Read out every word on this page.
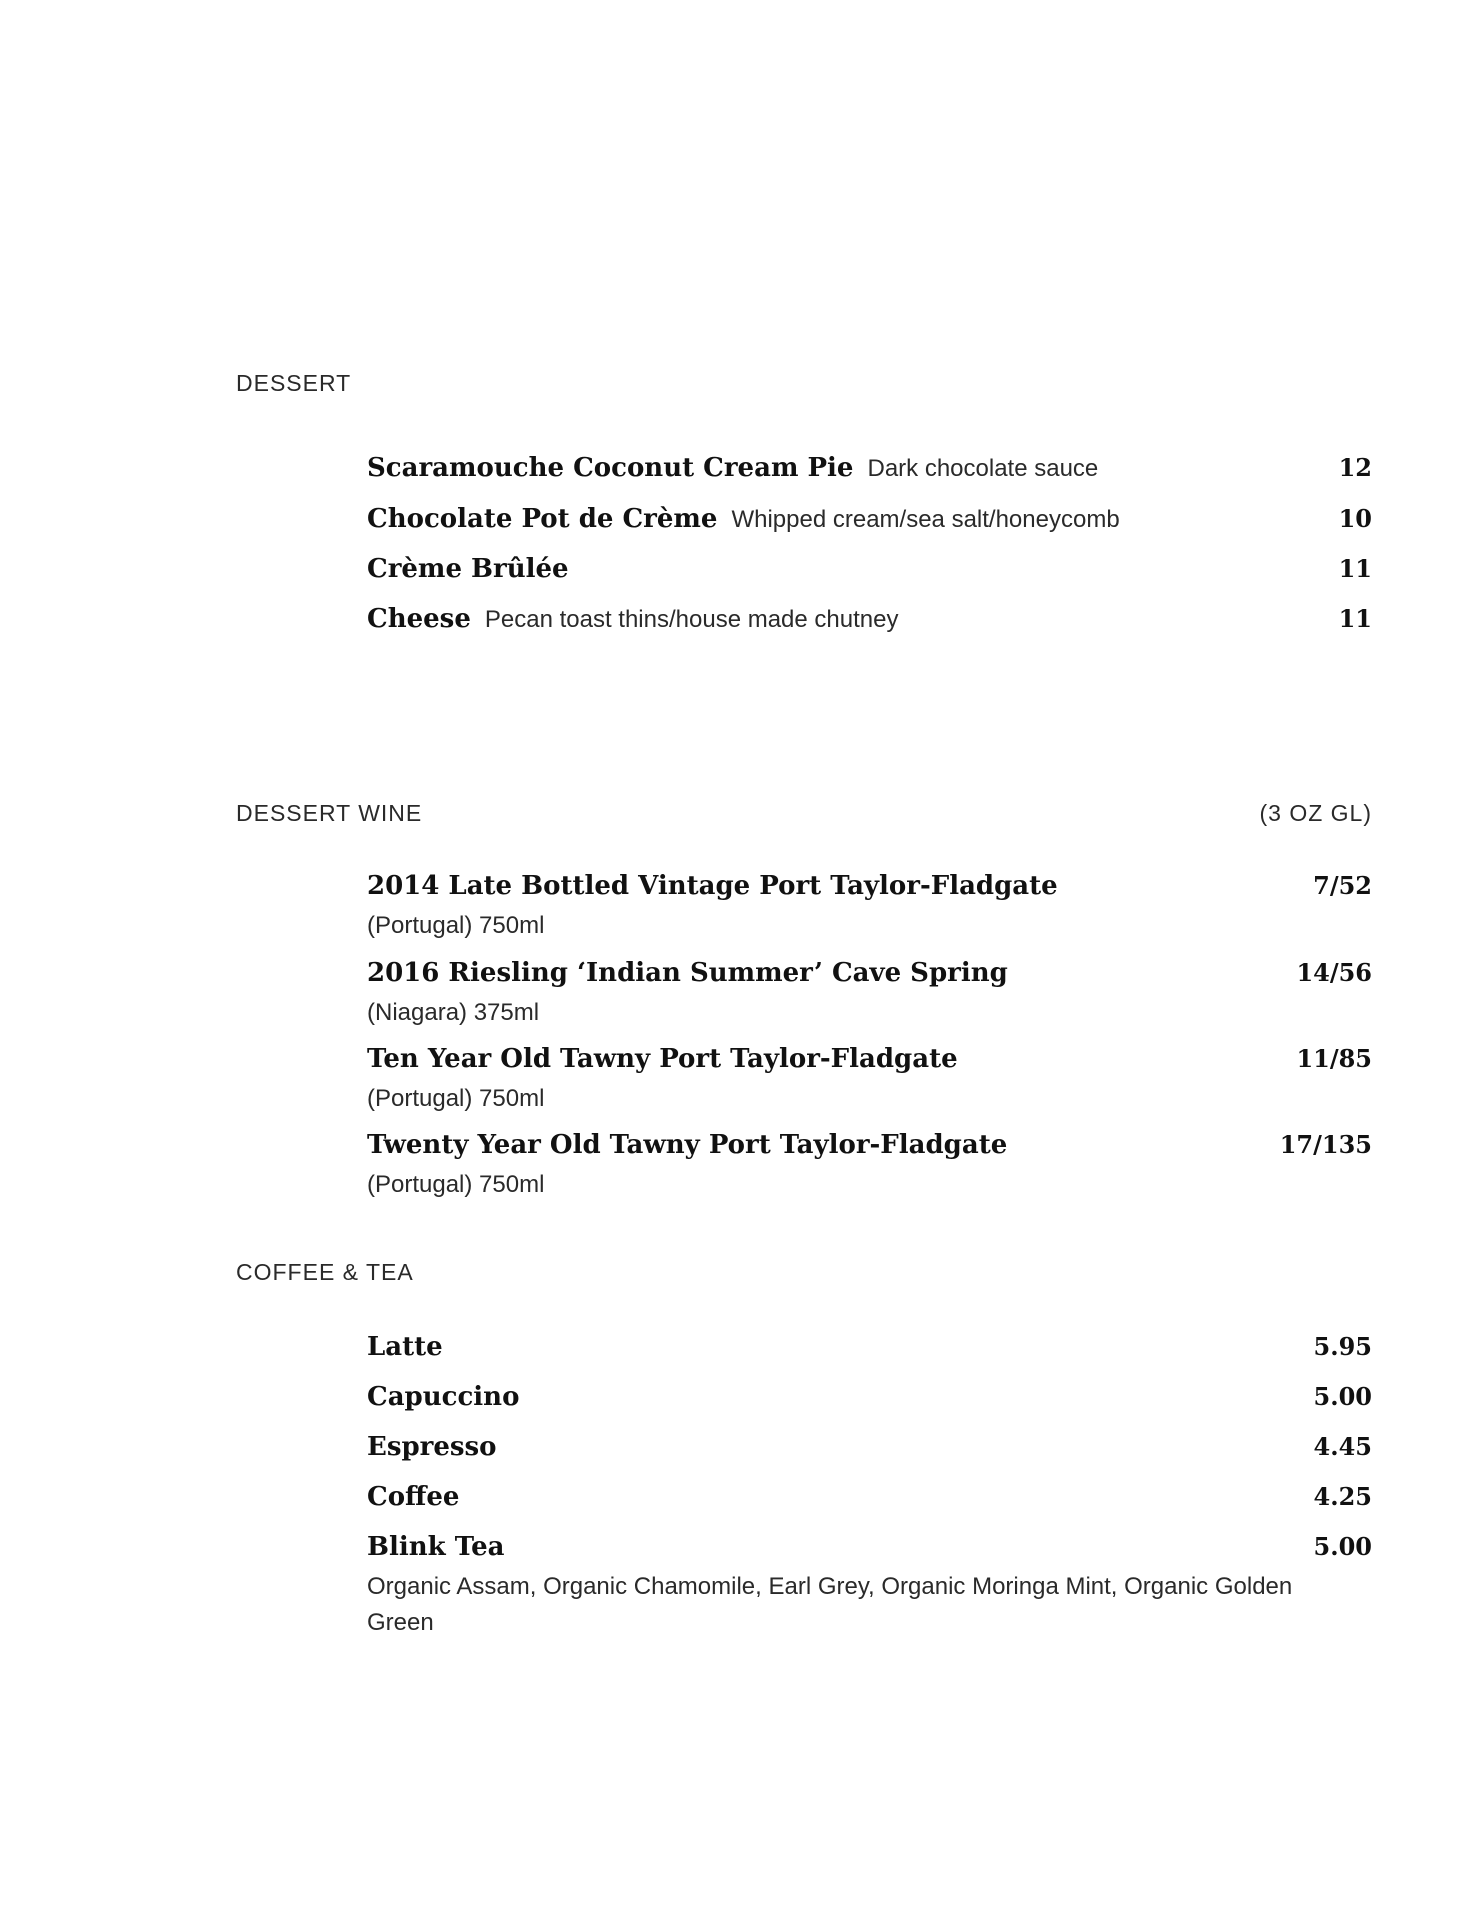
DESSERT
Scaramouche Coconut Cream Pie Dark chocolate sauce	12
Chocolate Pot de Crème Whipped cream/sea salt/honeycomb	10
Crème Brûlée	11
Cheese Pecan toast thins/house made chutney	11
DESSERT WINE	(3 OZ GL)
2014 Late Bottled Vintage Port Taylor-Fladgate	7/52
(Portugal) 750ml
2016 Riesling ‘Indian Summer’ Cave Spring	14/56
(Niagara) 375ml
Ten Year Old Tawny Port Taylor-Fladgate	11/85
(Portugal) 750ml
Twenty Year Old Tawny Port Taylor-Fladgate	17/135
(Portugal) 750ml
COFFEE & TEA
Latte	5.95
Capuccino	5.00
Espresso	4.45
Coffee	4.25
Blink Tea	5.00
Organic Assam, Organic Chamomile, Earl Grey, Organic Moringa Mint, Organic Golden Green
